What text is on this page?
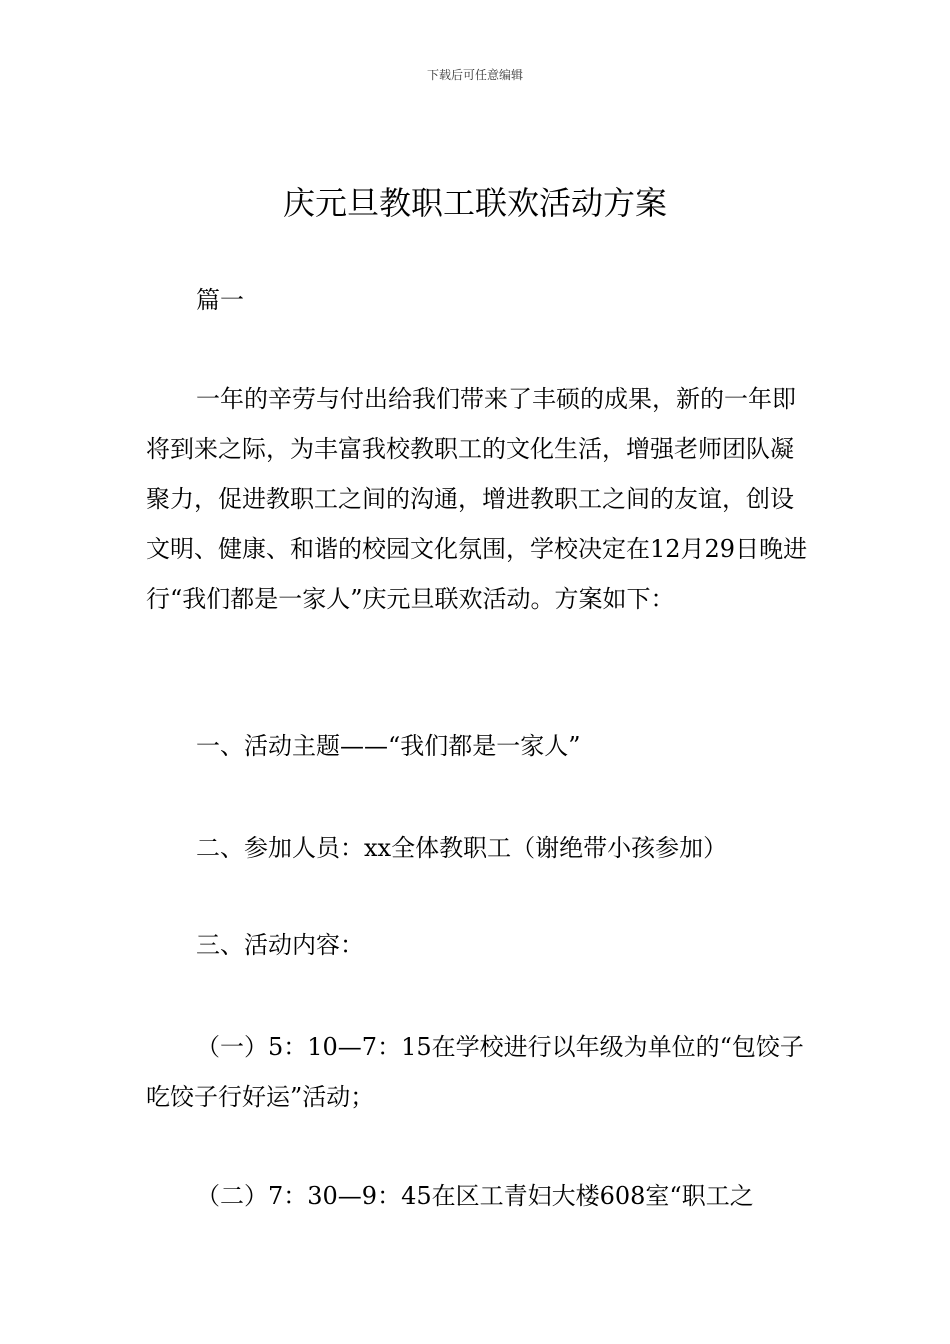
下载后可任意编辑
庆元旦教职工联欢活动方案

篇一

一年的辛劳与付出给我们带来了丰硕的成果，新的一年即将到来之际，为丰富我校教职工的文化生活，增强老师团队凝聚力，促进教职工之间的沟通，增进教职工之间的友谊，创设文明、健康、和谐的校园文化氛围，学校决定在12月29日晚进行“我们都是一家人”庆元旦联欢活动。方案如下：

一、活动主题——“我们都是一家人”

二、参加人员：xx全体教职工（谢绝带小孩参加）

三、活动内容：

（一）5：10—7：15在学校进行以年级为单位的“包饺子吃饺子行好运”活动；

（二）7：30—9：45在区工青妇大楼608室“职工之
